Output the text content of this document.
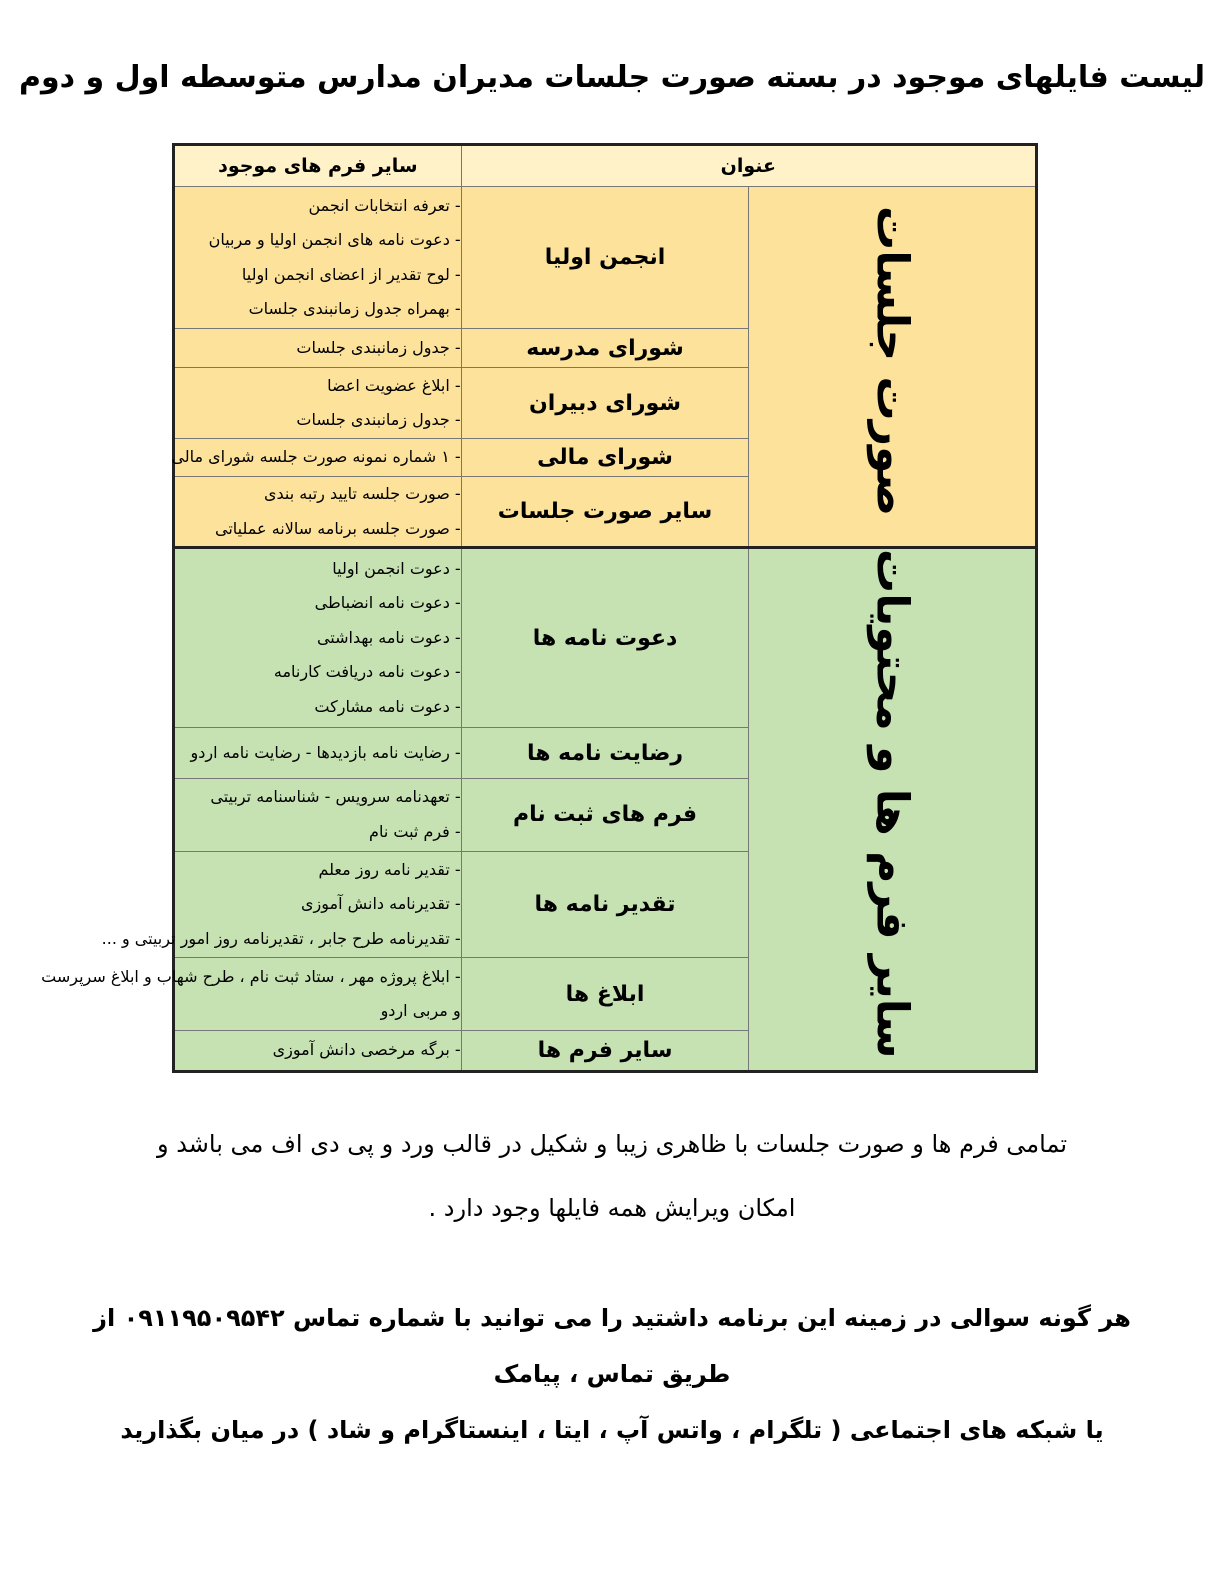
لیست فایلهای موجود در بسته صورت جلسات مدیران مدارس متوسطه اول و دوم
عنوان		سایر فرم های موجود
صورت جلسات	انجمن اولیا	- تعرفه انتخابات انجمن
- دعوت نامه های انجمن اولیا و مربیان
- لوح تقدیر از اعضای انجمن اولیا
- بهمراه جدول زمانبندی جلسات

	شورای مدرسه	- جدول زمانبندی جلسات

	شورای دبیران	- ابلاغ عضویت اعضا
- جدول زمانبندی جلسات

	شورای مالی	- ۱ شماره نمونه صورت جلسه شورای مالی

	سایر صورت جلسات	- صورت جلسه تایید رتبه بندی
- صورت جلسه برنامه سالانه عملیاتی

سایر فرم ها و محتویات	دعوت نامه ها	- دعوت انجمن اولیا
- دعوت نامه انضباطی
- دعوت نامه بهداشتی
- دعوت نامه دریافت کارنامه
- دعوت نامه مشارکت

	رضایت نامه ها	- رضایت نامه بازدیدها - رضایت نامه اردو

	فرم های ثبت نام	- تعهدنامه سرویس - شناسنامه تربیتی
- فرم ثبت نام

	تقدیر نامه ها	- تقدیر نامه روز معلم
- تقدیرنامه دانش آموزی
- تقدیرنامه طرح جابر ، تقدیرنامه روز امور تربیتی و ...

	ابلاغ ها	- ابلاغ پروژه مهر ، ستاد ثبت نام ، طرح شهاب و ابلاغ سرپرست
و مربی اردو

	سایر فرم ها	- برگه مرخصی دانش آموزی
تمامی فرم ها و صورت جلسات با ظاهری زیبا و شکیل در قالب ورد و پی دی اف می باشد و
امکان ویرایش همه فایلها وجود دارد .
هر گونه سوالی در زمینه این برنامه داشتید را می توانید با شماره تماس ۰۹۱۱۹۵۰۹۵۴۲ از طریق تماس ، پیامک
یا شبکه های اجتماعی ( تلگرام ، واتس آپ ، ایتا ، اینستاگرام و شاد ) در میان بگذارید
